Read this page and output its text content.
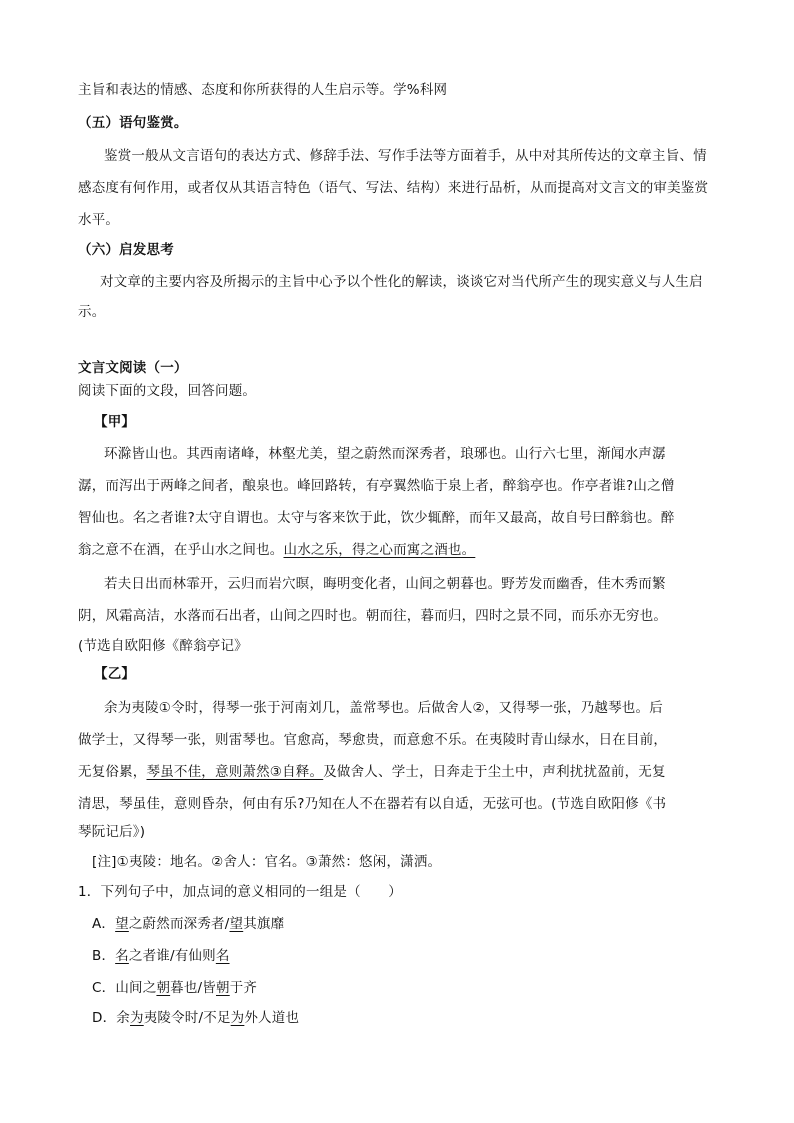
主旨和表达的情感、态度和你所获得的人生启示等。学%科网
（五）语句鉴赏。
鉴赏一般从文言语句的表达方式、修辞手法、写作手法等方面着手，从中对其所传达的文章主旨、情
感态度有何作用，或者仅从其语言特色（语气、写法、结构）来进行品析，从而提高对文言文的审美鉴赏
水平。
（六）启发思考
对文章的主要内容及所揭示的主旨中心予以个性化的解读，谈谈它对当代所产生的现实意义与人生启
示。
文言文阅读（一）
阅读下面的文段，回答问题。
【甲】
环滁皆山也。其西南诸峰，林壑尤美，望之蔚然而深秀者，琅琊也。山行六七里，渐闻水声潺
潺，而泻出于两峰之间者，酿泉也。峰回路转，有亭翼然临于泉上者，醉翁亭也。作亭者谁?山之僧
智仙也。名之者谁?太守自谓也。太守与客来饮于此，饮少辄醉，而年又最高，故自号曰醉翁也。醉
翁之意不在酒，在乎山水之间也。山水之乐，得之心而寓之酒也。
若夫日出而林霏开，云归而岩穴暝，晦明变化者，山间之朝暮也。野芳发而幽香，佳木秀而繁
阴，风霜高洁，水落而石出者，山间之四时也。朝而往，暮而归，四时之景不同，而乐亦无穷也。
(节选自欧阳修《醉翁亭记》
【乙】
余为夷陵①令时，得琴一张于河南刘几，盖常琴也。后做舍人②，又得琴一张，乃越琴也。后
做学士，又得琴一张，则雷琴也。官愈高，琴愈贵，而意愈不乐。在夷陵时青山绿水，日在目前，
无复俗累，琴虽不佳，意则萧然③自释。及做舍人、学士，日奔走于尘土中，声利扰扰盈前，无复
清思，琴虽佳，意则昏杂，何由有乐?乃知在人不在器若有以自适，无弦可也。(节选自欧阳修《书
琴阮记后》)
[注]①夷陵：地名。②舍人：官名。③萧然：悠闲，潇洒。
1．下列句子中，加点词的意义相同的一组是（　　）
A．望之蔚然而深秀者/望其旗靡
B．名之者谁/有仙则名
C．山间之朝暮也/皆朝于齐
D．余为夷陵令时/不足为外人道也
